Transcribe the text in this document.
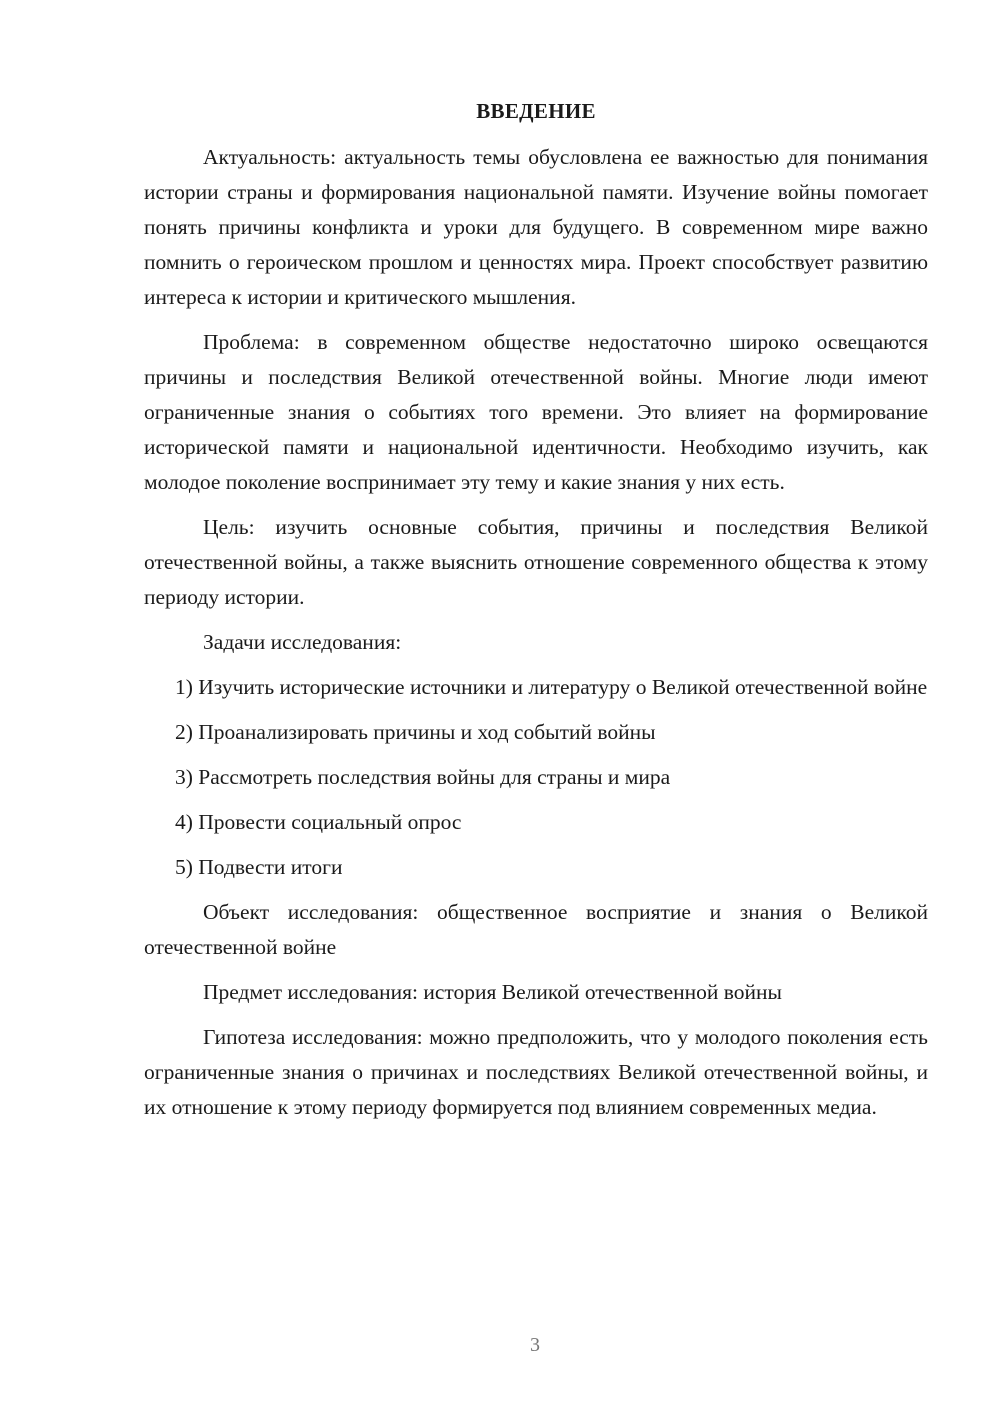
ВВЕДЕНИЕ

Актуальность: актуальность темы обусловлена ее важностью для понимания истории страны и формирования национальной памяти. Изучение войны помогает понять причины конфликта и уроки для будущего. В современном мире важно помнить о героическом прошлом и ценностях мира. Проект способствует развитию интереса к истории и критического мышления.

Проблема: в современном обществе недостаточно широко освещаются причины и последствия Великой отечественной войны. Многие люди имеют ограниченные знания о событиях того времени. Это влияет на формирование исторической памяти и национальной идентичности. Необходимо изучить, как молодое поколение воспринимает эту тему и какие знания у них есть.

Цель: изучить основные события, причины и последствия Великой отечественной войны, а также выяснить отношение современного общества к этому периоду истории.

Задачи исследования:

1) Изучить исторические источники и литературу о Великой отечественной войне

2) Проанализировать причины и ход событий войны

3) Рассмотреть последствия войны для страны и мира

4) Провести социальный опрос

5) Подвести итоги

Объект исследования: общественное восприятие и знания о Великой отечественной войне

Предмет исследования: история Великой отечественной войны

Гипотеза исследования: можно предположить, что у молодого поколения есть ограниченные знания о причинах и последствиях Великой отечественной войны, и их отношение к этому периоду формируется под влиянием современных медиа.

3
